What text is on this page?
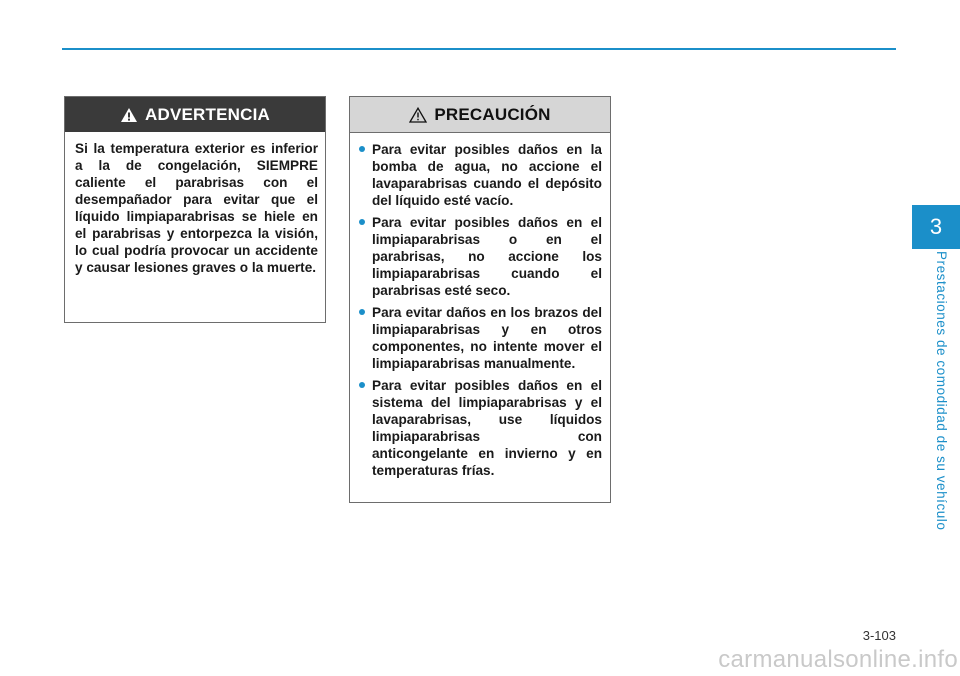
3
Prestaciones de comodidad de su vehículo
ADVERTENCIA
Si la temperatura exterior es inferior a la de congelación, SIEMPRE caliente el parabrisas con el desempañador para evitar que el líquido limpiaparabrisas se hiele en el parabrisas y entorpezca la visión, lo cual podría provocar un accidente y causar lesiones graves o la muerte.
PRECAUCIÓN
Para evitar posibles daños en la bomba de agua, no accione el lavaparabrisas cuando el depósito del líquido esté vacío.
Para evitar posibles daños en el limpiaparabrisas o en el parabrisas, no accione los limpiaparabrisas cuando el parabrisas esté seco.
Para evitar daños en los brazos del limpiaparabrisas y en otros componentes, no intente mover el limpiaparabrisas manualmente.
Para evitar posibles daños en el sistema del limpiaparabrisas y el lavaparabrisas, use líquidos limpiaparabrisas con anticongelante en invierno y en temperaturas frías.
3-103
carmanualsonline.info
